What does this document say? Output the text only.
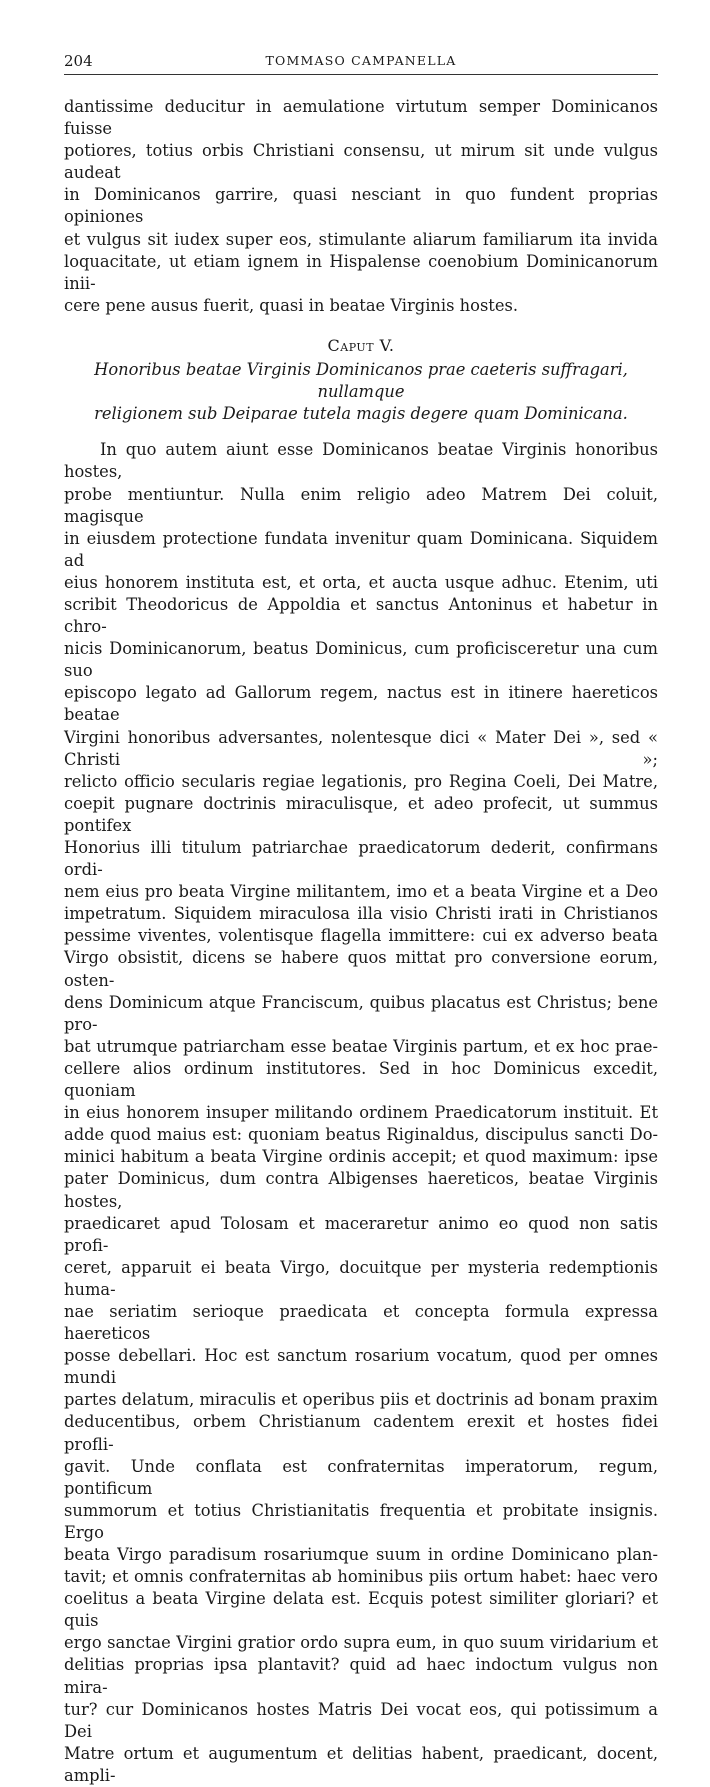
204	TOMMASO CAMPANELLA

dantissime deducitur in aemulatione virtutum semper Dominicanos fuisse
potiores, totius orbis Christiani consensu, ut mirum sit unde vulgus audeat
in Dominicanos garrire, quasi nesciant in quo fundent proprias opiniones
et vulgus sit iudex super eos, stimulante aliarum familiarum ita invida
loquacitate, ut etiam ignem in Hispalense coenobium Dominicanorum inii-
cere pene ausus fuerit, quasi in beatae Virginis hostes.

Caput V.
Honoribus beatae Virginis Dominicanos prae caeteris suffragari, nullamque
religionem sub Deiparae tutela magis degere quam Dominicana.

In quo autem aiunt esse Dominicanos beatae Virginis honoribus hostes,
probe mentiuntur. Nulla enim religio adeo Matrem Dei coluit, magisque
in eiusdem protectione fundata invenitur quam Dominicana. Siquidem ad
eius honorem instituta est, et orta, et aucta usque adhuc. Etenim, uti
scribit Theodoricus de Appoldia et sanctus Antoninus et habetur in chro-
nicis Dominicanorum, beatus Dominicus, cum proficisceretur una cum suo
episcopo legato ad Gallorum regem, nactus est in itinere haereticos beatae
Virgini honoribus adversantes, nolentesque dici « Mater Dei », sed « Christi »;
relicto officio secularis regiae legationis, pro Regina Coeli, Dei Matre,
coepit pugnare doctrinis miraculisque, et adeo profecit, ut summus pontifex
Honorius illi titulum patriarchae praedicatorum dederit, confirmans ordi-
nem eius pro beata Virgine militantem, imo et a beata Virgine et a Deo
impetratum. Siquidem miraculosa illa visio Christi irati in Christianos
pessime viventes, volentisque flagella immittere: cui ex adverso beata
Virgo obsistit, dicens se habere quos mittat pro conversione eorum, osten-
dens Dominicum atque Franciscum, quibus placatus est Christus; bene pro-
bat utrumque patriarcham esse beatae Virginis partum, et ex hoc prae-
cellere alios ordinum institutores. Sed in hoc Dominicus excedit, quoniam
in eius honorem insuper militando ordinem Praedicatorum instituit. Et
adde quod maius est: quoniam beatus Riginaldus, discipulus sancti Do-
minici habitum a beata Virgine ordinis accepit; et quod maximum: ipse
pater Dominicus, dum contra Albigenses haereticos, beatae Virginis hostes,
praedicaret apud Tolosam et maceraretur animo eo quod non satis profi-
ceret, apparuit ei beata Virgo, docuitque per mysteria redemptionis huma-
nae seriatim serioque praedicata et concepta formula expressa haereticos
posse debellari. Hoc est sanctum rosarium vocatum, quod per omnes mundi
partes delatum, miraculis et operibus piis et doctrinis ad bonam praxim
deducentibus, orbem Christianum cadentem erexit et hostes fidei profli-
gavit. Unde conflata est confraternitas imperatorum, regum, pontificum
summorum et totius Christianitatis frequentia et probitate insignis. Ergo
beata Virgo paradisum rosariumque suum in ordine Dominicano plan-
tavit; et omnis confraternitas ab hominibus piis ortum habet: haec vero
coelitus a beata Virgine delata est. Ecquis potest similiter gloriari? et quis
ergo sanctae Virgini gratior ordo supra eum, in quo suum viridarium et
delitias proprias ipsa plantavit? quid ad haec indoctum vulgus non mira-
tur? cur Dominicanos hostes Matris Dei vocat eos, qui potissimum a Dei
Matre ortum et augumentum et delitias habent, praedicant, docent, ampli-
